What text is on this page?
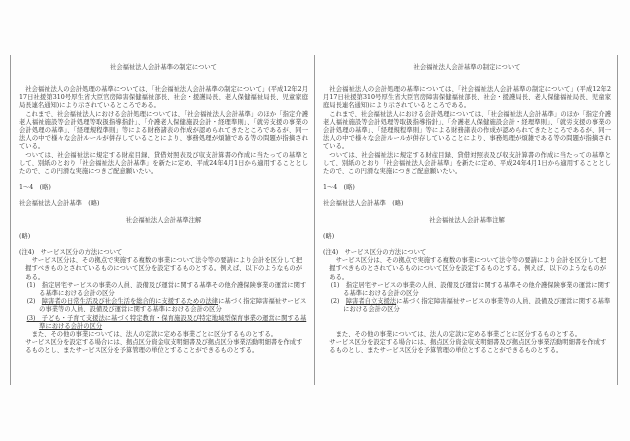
社会福祉法人会計基準の制定について

社会福祉法人の会計処理の基準については、「社会福祉法人会計基準の制定について」(平成12年2月17日社援第310号厚生省大臣官房障害保健福祉部長、社会・援護局長、老人保健福祉局長、児童家庭局長連名通知)により示されているところである。

これまで、社会福祉法人における会計処理については、「社会福祉法人会計基準」のほか「指定介護老人福祉施設等会計処理等取扱指導指針」、「介護老人保健施設会計・経理準則」、「就労支援の事業の会計処理の基準」、「経理規程準則」等による財務諸表の作成が認められてきたところであるが、同一法人の中で様々な会計ルールが併存していることにより、事務処理が煩雑である等の問題が指摘されている。

ついては、社会福祉法に規定する財産目録、貸借対照表及び収支計算書の作成に当たっての基準として、別紙のとおり「社会福祉法人会計基準」を新たに定め、平成24年4月1日から適用することとしたので、この円滑な実施につきご配意願いたい。

1～4　(略)

社会福祉法人会計基準　(略)

社会福祉法人会計基準注解

(略)

(注4)　サービス区分の方法について

サービス区分は、その拠点で実施する複数の事業について法令等の要請により会計を区分して把握すべきものとされているものについて区分を設定するものとする。例えば、以下のようなものがある。

(1)　 指定居宅サービスの事業の人員、設備及び運営に関する基準その他介護保険事業の運営に関する基準における会計の区分

(2)　 障害者の日常生活及び社会生活を総合的に支援するための法律に基づく指定障害福祉サービスの事業等の人員、設備及び運営に関する基準における会計の区分

(3)　 子ども・子育て支援法に基づく特定教育・保育施設及び特定地域型保育事業の運営に関する基準における会計の区分

また、その他の事業については、法人の定款に定める事業ごとに区分するものとする。

サービス区分を設定する場合には、拠点区分資金収支明細書及び拠点区分事業活動明細書を作成するものとし、またサービス区分を予算管理の単位とすることができるものとする。

社会福祉法人会計基準の制定について

社会福祉法人の会計処理の基準については、「社会福祉法人会計基準の制定について」(平成12年2月17日社援第310号厚生省大臣官房障害保健福祉部長、社会・援護局長、老人保健福祉局長、児童家庭局長連名通知)により示されているところである。

これまで、社会福祉法人における会計処理については、「社会福祉法人会計基準」のほか「指定介護老人福祉施設等会計処理等取扱指導指針」、「介護老人保健施設会計・経理準則」、「就労支援の事業の会計処理の基準」、「経理規程準則」等による財務諸表の作成が認められてきたところであるが、同一法人の中で様々な会計ルールが併存していることにより、事務処理が煩雑である等の問題が指摘されている。

ついては、社会福祉法に規定する財産目録、貸借対照表及び収支計算書の作成に当たっての基準として、別紙のとおり「社会福祉法人会計基準」を新たに定め、平成24年4月1日から適用することとしたので、この円滑な実施につきご配意願いたい。

1～4　(略)

社会福祉法人会計基準　(略)

社会福祉法人会計基準注解

(略)

(注4)　サービス区分の方法について

サービス区分は、その拠点で実施する複数の事業について法令等の要請により会計を区分して把握すべきものとされているものについて区分を設定するものとする。例えば、以下のようなものがある。

(1)　 指定居宅サービスの事業の人員、設備及び運営に関する基準その他介護保険事業の運営に関する基準における会計の区分

(2)　 障害者自立支援法に基づく指定障害福祉サービスの事業等の人員、設備及び運営に関する基準における会計の区分

また、その他の事業については、法人の定款に定める事業ごとに区分するものとする。

サービス区分を設定する場合には、拠点区分資金収支明細書及び拠点区分事業活動明細書を作成するものとし、またサービス区分を予算管理の単位とすることができるものとする。
